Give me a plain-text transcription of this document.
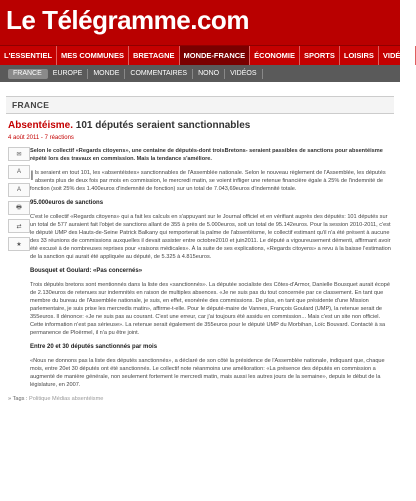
Le Télégramme.com
L'ESSENTIEL	MES COMMUNES	BRETAGNE	MONDE-FRANCE	ÉCONOMIE	SPORTS	LOISIRS	VIDÉOS
FRANCE	EUROPE	MONDE	COMMENTAIRES	NONO	VIDÉOS
FRANCE
Absentéisme. 101 députés seraient sanctionnables
4 août 2011 - 7 réactions
✉
A
A
🖶
⇄
★

Selon le collectif «Regards citoyens», une centaine de députés-dont troisBretons- seraient passibles de sanctions pour absentéisme répété lors des travaux en commission. Mais la tendance s'améliore.

Ils seraient en tout 101, les «absentéistes» sanctionnables de l'Assemblée nationale. Selon le nouveau règlement de l'Assemblée, les députés absents plus de deux fois par mois en commission, le mercredi matin, se voient infliger une retenue financière égale à 25% de l'indemnité de fonction (soit 25% des 1.400euros d'indemnité de fonction) sur un total de 7.043,69euros d'indemnité totale.

95.000euros de sanctions

C'est le collectif «Regards citoyens» qui a fait les calculs en s'appuyant sur le Journal officiel et en vérifiant auprès des députés: 101 députés sur un total de 577 auraient fait l'objet de sanctions allant de 355 à près de 5.000euros, soit un total de 95.142euros. Pour la session 2010-2011, c'est le député UMP des Hauts-de-Seine Patrick Balkany qui remporterait la palme de l'absentéisme, le collectif estimant qu'il n'a été présent à aucune des 33 réunions de commissions auxquelles il devait assister entre octobre2010 et juin2011. Le député a vigoureusement démenti, affirmant avoir été excusé à de nombreuses reprises pour «raisons médicales». À la suite de ses explications, «Regards citoyens» a revu à la baisse l'estimation de la sanction qui aurait été appliquée au député, de 5.325 à 4.815euros.

Bousquet et Goulard: «Pas concernés»

Trois députés bretons sont mentionnés dans la liste des «sanctionnés». La députée socialiste des Côtes-d'Armor, Danielle Bousquet aurait écopé de 2.130euros de retenues sur indemnités en raison de multiples absences. «Je ne suis pas du tout concernée par ce classement. En tant que membre du bureau de l'Assemblée nationale, je suis, en effet, exonérée des commissions. De plus, en tant que présidente d'une Mission parlementaire, je suis prise les mercredis matin», affirme-t-elle. Pour le député-maire de Vannes, François Goulard (UMP), la retenue serait de 355euros. Il dénonce: «Je ne suis pas au courant. C'est une erreur, car j'ai toujours été assidu en commission... Mais c'est un site non officiel. Cette information n'est pas sérieuse». La retenue serait également de 355euros pour le député UMP du Morbihan, Loïc Bouvard. Contacté à sa permanence de Ploërmel, il n'a pu être joint.

Entre 20 et 30 députés sanctionnés par mois

«Nous ne donnons pas la liste des députés sanctionnés», a déclaré de son côté la présidence de l'Assemblée nationale, indiquant que, chaque mois, entre 20et 30 députés ont été sanctionnés. Le collectif note néanmoins une amélioration: «La présence des députés en commission a augmenté de manière générale, non seulement fortement le mercredi matin, mais aussi les autres jours de la semaine», depuis le début de la législature, en 2007.

» Tags : Politique Médias absentéisme
